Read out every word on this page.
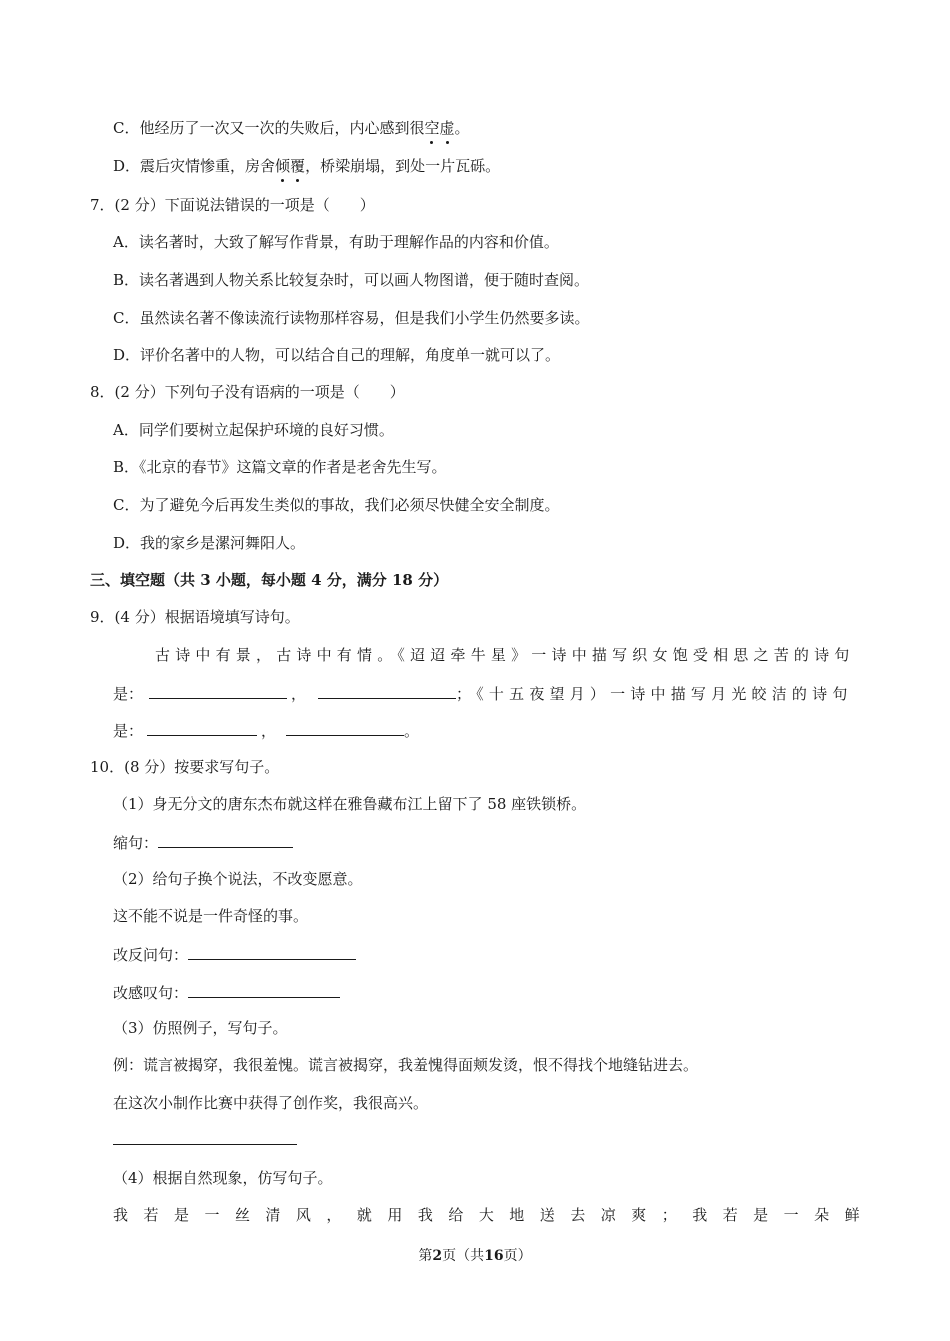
C．他经历了一次又一次的失败后，内心感到很空虚。
D．震后灾情惨重，房舍倾覆，桥梁崩塌，到处一片瓦砾。
7．(2 分）下面说法错误的一项是（　　）
A．读名著时，大致了解写作背景，有助于理解作品的内容和价值。
B．读名著遇到人物关系比较复杂时，可以画人物图谱，便于随时查阅。
C．虽然读名著不像读流行读物那样容易，但是我们小学生仍然要多读。
D．评价名著中的人物，可以结合自己的理解，角度单一就可以了。
8．(2 分）下列句子没有语病的一项是（　　）
A．同学们要树立起保护环境的良好习惯。
B．《北京的春节》这篇文章的作者是老舍先生写。
C．为了避免今后再发生类似的事故，我们必须尽快健全安全制度。
D．我的家乡是漯河舞阳人。
三、填空题（共 3 小题，每小题 4 分，满分 18 分）
9．(4 分）根据语境填写诗句。
古诗中有景，古诗中有情。《迢迢牵牛星》一诗中描写织女饱受相思之苦的诗句
是：	，	；《十五夜望月）一诗中描写月光皎洁的诗句
是：	，	。
10．(8 分）按要求写句子。
（1）身无分文的唐东杰布就这样在雅鲁藏布江上留下了 58 座铁锁桥。
缩句：
（2）给句子换个说法，不改变愿意。
这不能不说是一件奇怪的事。
改反问句：
改感叹句：
（3）仿照例子，写句子。
例：谎言被揭穿，我很羞愧。谎言被揭穿，我羞愧得面颊发烫，恨不得找个地缝钻进去。
在这次小制作比赛中获得了创作奖，我很高兴。
（4）根据自然现象，仿写句子。
我 若 是 一 丝 清 风 ， 就 用 我 给 大 地 送 去 凉 爽 ； 我 若 是 一 朵 鲜
第2页（共16页）
